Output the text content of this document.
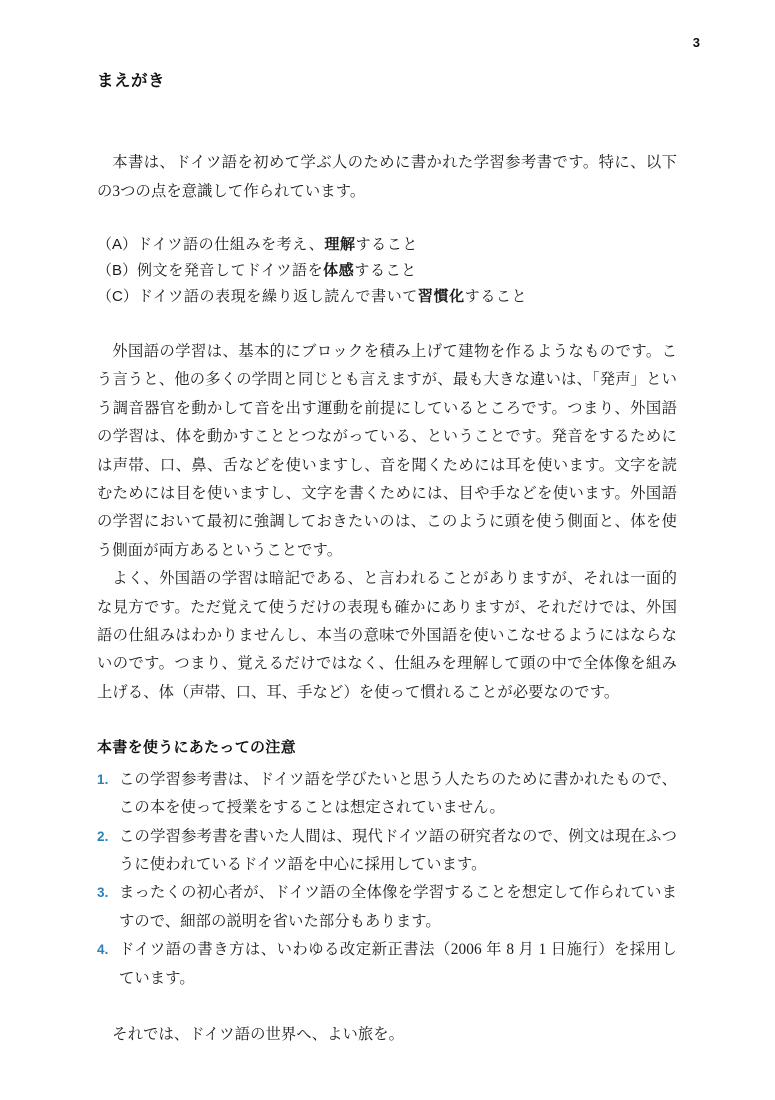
3
まえがき

本書は、ドイツ語を初めて学ぶ人のために書かれた学習参考書です。特に、以下の3つの点を意識して作られています。

（A）ドイツ語の仕組みを考え、理解すること
（B）例文を発音してドイツ語を体感すること
（C）ドイツ語の表現を繰り返し読んで書いて習慣化すること

外国語の学習は、基本的にブロックを積み上げて建物を作るようなものです。こう言うと、他の多くの学問と同じとも言えますが、最も大きな違いは、「発声」という調音器官を動かして音を出す運動を前提にしているところです。つまり、外国語の学習は、体を動かすこととつながっている、ということです。発音をするためには声帯、口、鼻、舌などを使いますし、音を聞くためには耳を使います。文字を読むためには目を使いますし、文字を書くためには、目や手などを使います。外国語の学習において最初に強調しておきたいのは、このように頭を使う側面と、体を使う側面が両方あるということです。

よく、外国語の学習は暗記である、と言われることがありますが、それは一面的な見方です。ただ覚えて使うだけの表現も確かにありますが、それだけでは、外国語の仕組みはわかりませんし、本当の意味で外国語を使いこなせるようにはならないのです。つまり、覚えるだけではなく、仕組みを理解して頭の中で全体像を組み上げる、体（声帯、口、耳、手など）を使って慣れることが必要なのです。

本書を使うにあたっての注意
1. この学習参考書は、ドイツ語を学びたいと思う人たちのために書かれたもので、この本を使って授業をすることは想定されていません。
2. この学習参考書を書いた人間は、現代ドイツ語の研究者なので、例文は現在ふつうに使われているドイツ語を中心に採用しています。
3. まったくの初心者が、ドイツ語の全体像を学習することを想定して作られていますので、細部の説明を省いた部分もあります。
4. ドイツ語の書き方は、いわゆる改定新正書法（2006 年 8 月 1 日施行）を採用しています。

それでは、ドイツ語の世界へ、よい旅を。
